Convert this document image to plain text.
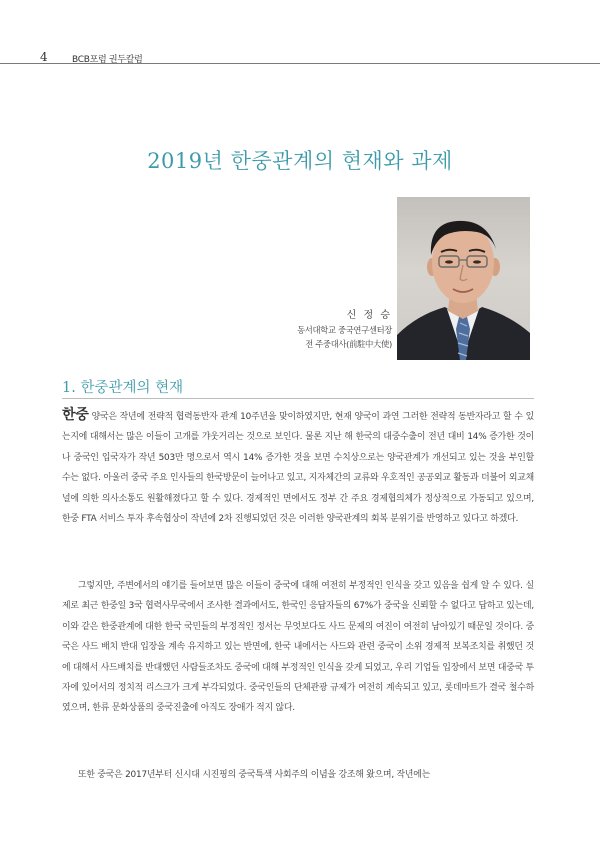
4	BCB포럼 권두칼럼
2019년 한중관계의 현재와 과제
신 정 승
동서대학교 중국연구센터장
전 주중대사(前駐中大使)
1. 한중관계의 현재

한중 양국은 작년에 전략적 협력동반자 관계 10주년을 맞이하였지만, 현재 양국이 과연 그러한 전략적 동반자라고 할 수 있는지에 대해서는 많은 이들이 고개를 갸웃거리는 것으로 보인다. 물론 지난 해 한국의 대중수출이 전년 대비 14% 증가한 것이나 중국인 입국자가 작년 503만 명으로서 역시 14% 증가한 것을 보면 수치상으로는 양국관계가 개선되고 있는 것을 부인할 수는 없다. 아울러 중국 주요 인사들의 한국방문이 늘어나고 있고, 지자체간의 교류와 우호적인 공공외교 활동과 더불어 외교채널에 의한 의사소통도 원활해졌다고 할 수 있다. 경제적인 면에서도 정부 간 주요 경제협의체가 정상적으로 가동되고 있으며, 한중 FTA 서비스 투자 후속협상이 작년에 2차 진행되었던 것은 이러한 양국관계의 회복 분위기를 반영하고 있다고 하겠다.

그렇지만, 주변에서의 얘기를 들어보면 많은 이들이 중국에 대해 여전히 부정적인 인식을 갖고 있음을 쉽게 알 수 있다. 실제로 최근 한중일 3국 협력사무국에서 조사한 결과에서도, 한국인 응답자들의 67%가 중국을 신뢰할 수 없다고 답하고 있는데, 이와 같은 한중관계에 대한 한국 국민들의 부정적인 정서는 무엇보다도 사드 문제의 여진이 여전히 남아있기 때문일 것이다. 중국은 사드 배치 반대 입장을 계속 유지하고 있는 반면에, 한국 내에서는 사드와 관련 중국이 소위 경제적 보복조치를 취했던 것에 대해서 사드배치를 반대했던 사람들조차도 중국에 대해 부정적인 인식을 갖게 되었고, 우리 기업들 입장에서 보면 대중국 투자에 있어서의 정치적 리스크가 크게 부각되었다. 중국인들의 단체관광 규제가 여전히 계속되고 있고, 롯데마트가 결국 철수하였으며, 한류 문화상품의 중국진출에 아직도 장애가 적지 않다.

또한 중국은 2017년부터 신시대 시진핑의 중국특색 사회주의 이념을 강조해 왔으며, 작년에는
